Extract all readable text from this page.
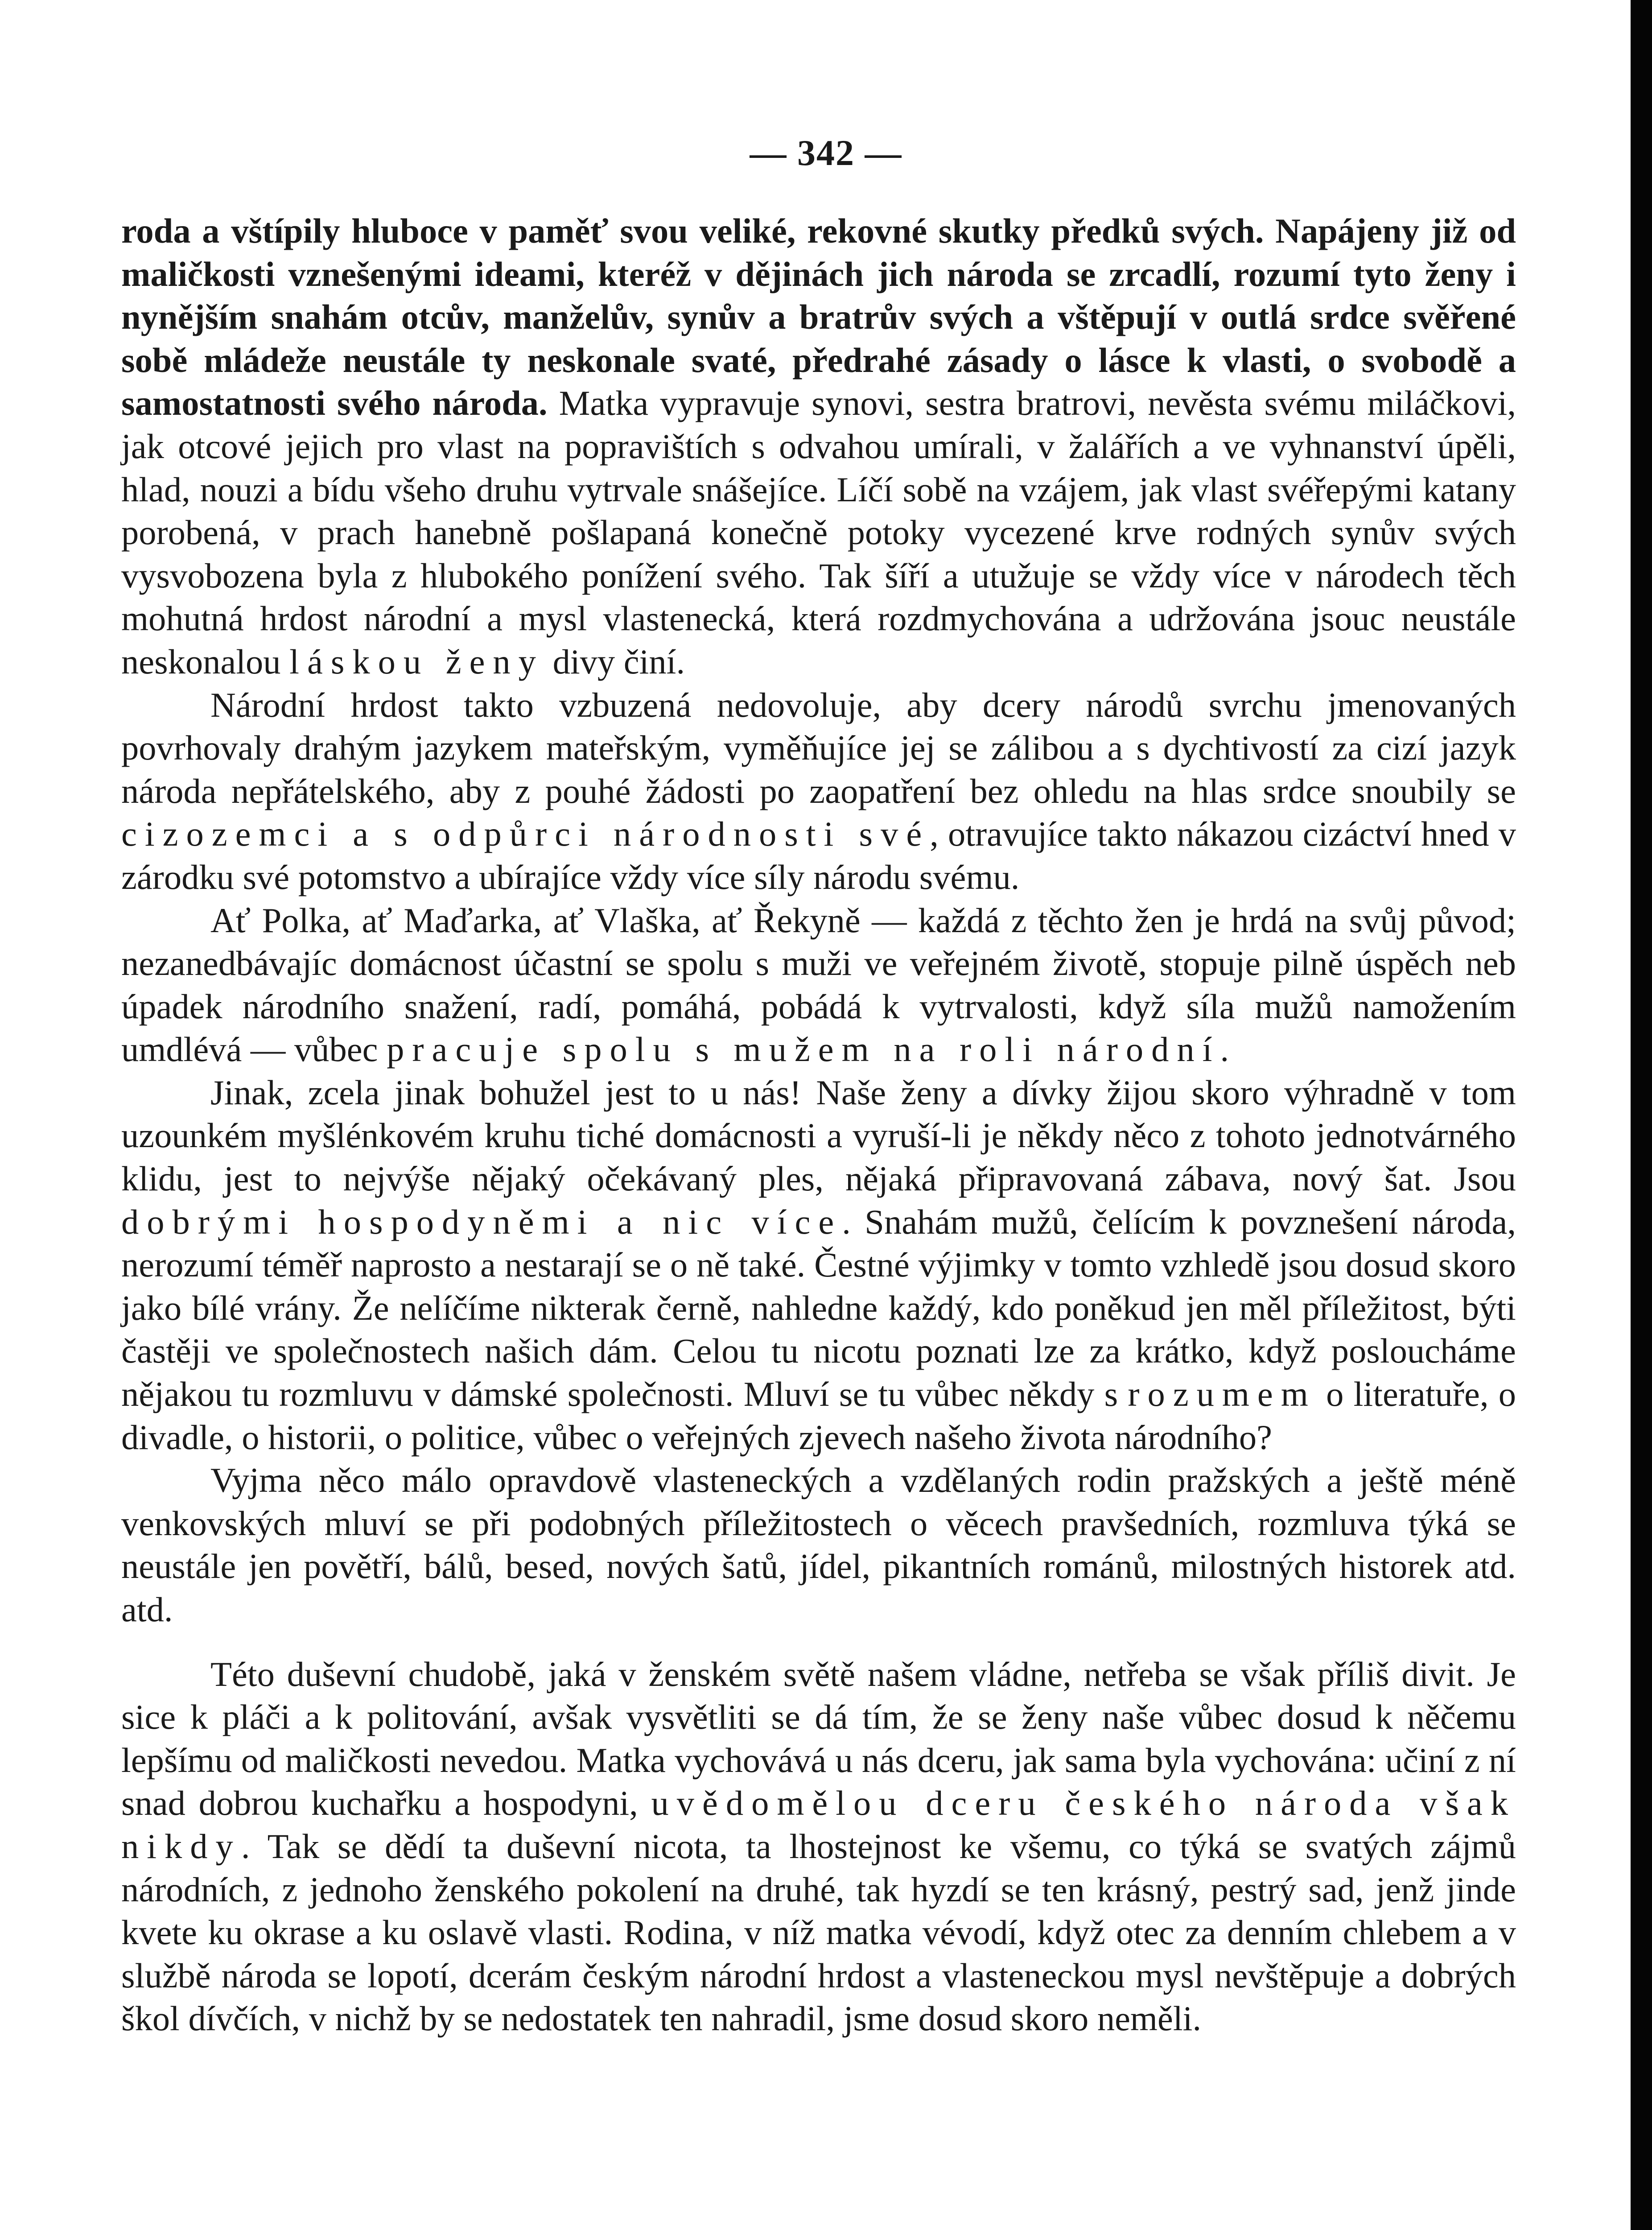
— 342 —

roda a vštípily hluboce v paměť svou veliké, rekovné skutky předků svých. Napájeny již od maličkosti vznešenými ideami, kteréž v dějinách jich národa se zrcadlí, rozumí tyto ženy i nynějším snahám otcův, manželův, synův a bratrův svých a vštěpují v outlá srdce svěřené sobě mládeže neustále ty neskonale svaté, předrahé zásady o lásce k vlasti, o svobodě a samostatnosti svého národa. Matka vypravuje synovi, sestra bratrovi, nevěsta svému miláčkovi, jak otcové jejich pro vlast na popravištích s odvahou umírali, v žalářích a ve vyhnanství úpěli, hlad, nouzi a bídu všeho druhu vytrvale snášejíce. Líčí sobě na vzájem, jak vlast svéřepými katany porobená, v prach hanebně pošlapaná konečně potoky vycezené krve rodných synův svých vysvobozena byla z hlubokého ponížení svého. Tak šíří a utužuje se vždy více v národech těch mohutná hrdost národní a mysl vlastenecká, která rozdmychována a udržována jsouc neustále neskonalou láskou ženy divy činí.

Národní hrdost takto vzbuzená nedovoluje, aby dcery národů svrchu jmenovaných povrhovaly drahým jazykem mateřským, vyměňujíce jej se zálibou a s dychtivostí za cizí jazyk národa nepřátelského, aby z pouhé žádosti po zaopatření bez ohledu na hlas srdce snoubily se cizozemci a s odpůrci národnosti své, otravujíce takto nákazou cizáctví hned v zárodku své potomstvo a ubírajíce vždy více síly národu svému.

Ať Polka, ať Maďarka, ať Vlaška, ať Řekyně — každá z těchto žen je hrdá na svůj původ; nezanedbávajíc domácnost účastní se spolu s muži ve veřejném životě, stopuje pilně úspěch neb úpadek národního snažení, radí, pomáhá, pobádá k vytrvalosti, když síla mužů namožením umdlévá — vůbec pracuje spolu s mužem na roli národní.

Jinak, zcela jinak bohužel jest to u nás! Naše ženy a dívky žijou skoro výhradně v tom uzounkém myšlénkovém kruhu tiché domácnosti a vyruší-li je někdy něco z tohoto jednotvárného klidu, jest to nejvýše nějaký očekávaný ples, nějaká připravovaná zábava, nový šat. Jsou dobrými hospodyněmi a nic více. Snahám mužů, čelícím k povznešení národa, nerozumí téměř naprosto a nestarají se o ně také. Čestné výjimky v tomto vzhledě jsou dosud skoro jako bílé vrány. Že nelíčíme nikterak černě, nahledne každý, kdo poněkud jen měl příležitost, býti častěji ve společnostech našich dám. Celou tu nicotu poznati lze za krátko, když posloucháme nějakou tu rozmluvu v dámské společnosti. Mluví se tu vůbec někdy s rozumem o literatuře, o divadle, o historii, o politice, vůbec o veřejných zjevech našeho života národního?

Vyjma něco málo opravdově vlasteneckých a vzdělaných rodin pražských a ještě méně venkovských mluví se při podobných příležitostech o věcech pravšedních, rozmluva týká se neustále jen povětří, bálů, besed, nových šatů, jídel, pikantních románů, milostných historek atd. atd.

Této duševní chudobě, jaká v ženském světě našem vládne, netřeba se však příliš divit. Je sice k pláči a k politování, avšak vysvětliti se dá tím, že se ženy naše vůbec dosud k něčemu lepšímu od maličkosti nevedou. Matka vychovává u nás dceru, jak sama byla vychována: učiní z ní snad dobrou kuchařku a hospodyni, uvědomělou dceru českého národa však nikdy. Tak se dědí ta duševní nicota, ta lhostejnost ke všemu, co týká se svatých zájmů národních, z jednoho ženského pokolení na druhé, tak hyzdí se ten krásný, pestrý sad, jenž jinde kvete ku okrase a ku oslavě vlasti. Rodina, v níž matka vévodí, když otec za denním chlebem a v službě národa se lopotí, dcerám českým národní hrdost a vlasteneckou mysl nevštěpuje a dobrých škol dívčích, v nichž by se nedostatek ten nahradil, jsme dosud skoro neměli.
